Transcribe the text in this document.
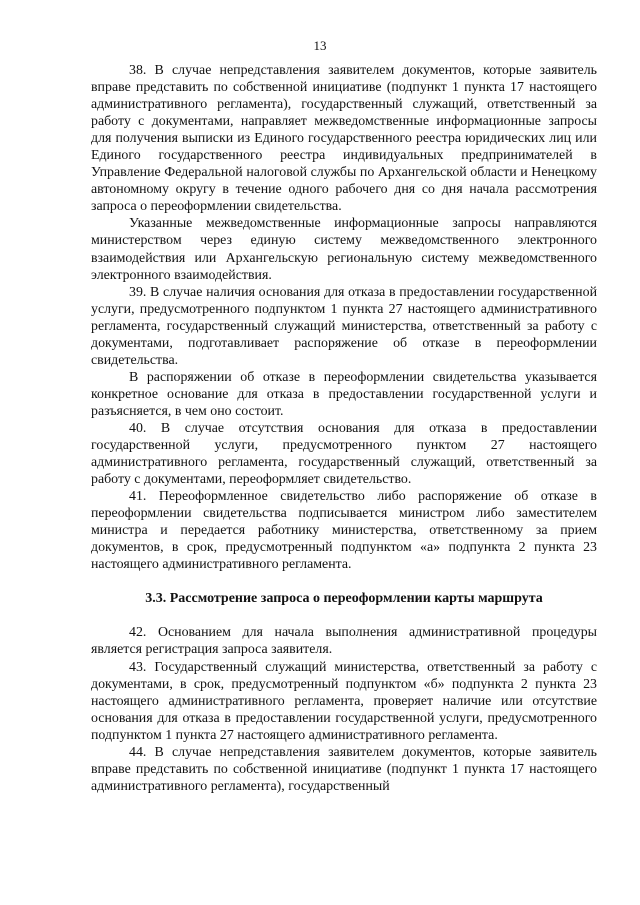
13

38. В случае непредставления заявителем документов, которые заявитель вправе представить по собственной инициативе (подпункт 1 пункта 17 настоящего административного регламента), государственный служащий, ответственный за работу с документами, направляет межведомственные информационные запросы для получения выписки из Единого государственного реестра юридических лиц или Единого государственного реестра индивидуальных предпринимателей в Управление Федеральной налоговой службы по Архангельской области и Ненецкому автономному округу в течение одного рабочего дня со дня начала рассмотрения запроса о переоформлении свидетельства.

Указанные межведомственные информационные запросы направляются министерством через единую систему межведомственного электронного взаимодействия или Архангельскую региональную систему межведомственного электронного взаимодействия.

39. В случае наличия основания для отказа в предоставлении государственной услуги, предусмотренного подпунктом 1 пункта 27 настоящего административного регламента, государственный служащий министерства, ответственный за работу с документами, подготавливает распоряжение об отказе в переоформлении свидетельства.

В распоряжении об отказе в переоформлении свидетельства указывается конкретное основание для отказа в предоставлении государственной услуги и разъясняется, в чем оно состоит.

40. В случае отсутствия основания для отказа в предоставлении государственной услуги, предусмотренного пунктом 27 настоящего административного регламента, государственный служащий, ответственный за работу с документами, переоформляет свидетельство.

41. Переоформленное свидетельство либо распоряжение об отказе в переоформлении свидетельства подписывается министром либо заместителем министра и передается работнику министерства, ответственному за прием документов, в срок, предусмотренный подпунктом «а» подпункта 2 пункта 23 настоящего административного регламента.

3.3. Рассмотрение запроса о переоформлении карты маршрута

42. Основанием для начала выполнения административной процедуры является регистрация запроса заявителя.

43. Государственный служащий министерства, ответственный за работу с документами, в срок, предусмотренный подпунктом «б» подпункта 2 пункта 23 настоящего административного регламента, проверяет наличие или отсутствие основания для отказа в предоставлении государственной услуги, предусмотренного подпунктом 1 пункта 27 настоящего административного регламента.

44. В случае непредставления заявителем документов, которые заявитель вправе представить по собственной инициативе (подпункт 1 пункта 17 настоящего административного регламента), государственный
